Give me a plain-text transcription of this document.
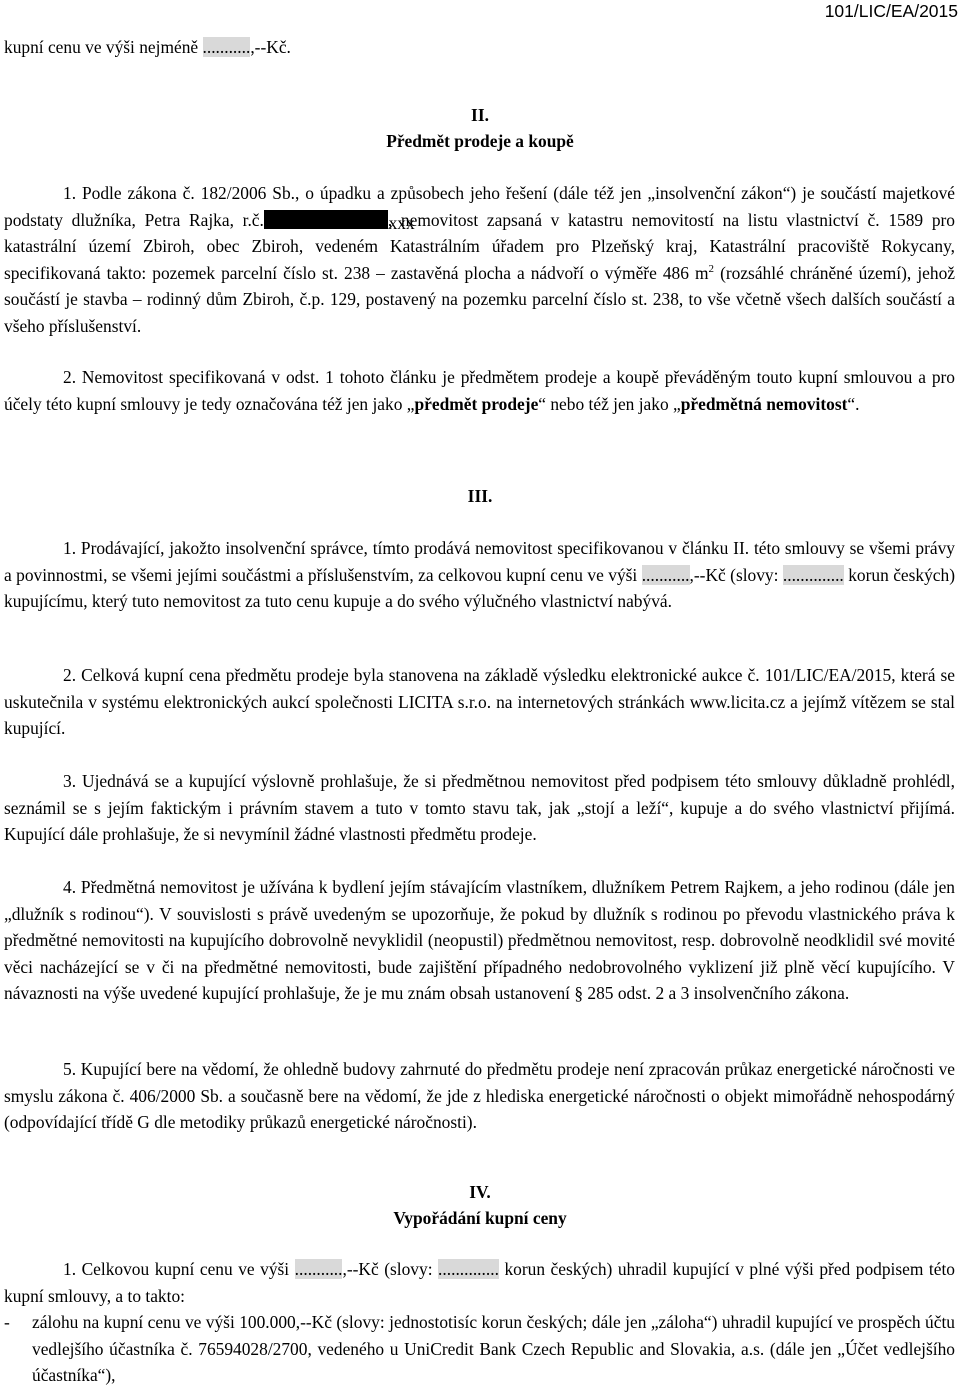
101/LIC/EA/2015

kupní cenu ve výši nejméně ...........,--Kč.

II.

Předmět prodeje a koupě

1. Podle zákona č. 182/2006 Sb., o úpadku a způsobech jeho řešení (dále též jen „insolvenční zákon“) je součástí majetkové podstaty dlužníka, Petra Rajka, r.č.	xxxxxx/xxxx, nemovitost zapsaná v katastru nemovitostí na listu vlastnictví č. 1589 pro katastrální území Zbiroh, obec Zbiroh, vedeném Katastrálním úřadem pro Plzeňský kraj, Katastrální pracoviště Rokycany, specifikovaná takto: pozemek parcelní číslo st. 238 – zastavěná plocha a nádvoří o výměře 486 $m^2$ (rozsáhlé chráněné území), jehož součástí je stavba – rodinný dům Zbiroh, č.p. 129, postavený na pozemku parcelní číslo st. 238, to vše včetně všech dalších součástí a všeho příslušenství.

2. Nemovitost specifikovaná v odst. 1 tohoto článku je předmětem prodeje a koupě převáděným touto kupní smlouvou a pro účely této kupní smlouvy je tedy označována též jen jako „předmět prodeje“ nebo též jen jako „předmětná nemovitost“.

III.

1. Prodávající, jakožto insolvenční správce, tímto prodává nemovitost specifikovanou v článku II. této smlouvy se všemi právy a povinnostmi, se všemi jejími součástmi a příslušenstvím, za celkovou kupní cenu ve výši ...........,--Kč (slovy: .............. korun českých) kupujícímu, který tuto nemovitost za tuto cenu kupuje a do svého výlučného vlastnictví nabývá.

2. Celková kupní cena předmětu prodeje byla stanovena na základě výsledku elektronické aukce č. 101/LIC/EA/2015, která se uskutečnila v systému elektronických aukcí společnosti LICITA s.r.o. na internetových stránkách www.licita.cz a jejímž vítězem se stal kupující.

3. Ujednává se a kupující výslovně prohlašuje, že si předmětnou nemovitost před podpisem této smlouvy důkladně prohlédl, seznámil se s jejím faktickým i právním stavem a tuto v tomto stavu tak, jak „stojí a leží“, kupuje a do svého vlastnictví přijímá. Kupující dále prohlašuje, že si nevymínil žádné vlastnosti předmětu prodeje.

4. Předmětná nemovitost je užívána k bydlení jejím stávajícím vlastníkem, dlužníkem Petrem Rajkem, a jeho rodinou (dále jen „dlužník s rodinou“). V souvislosti s právě uvedeným se upozorňuje, že pokud by dlužník s rodinou po převodu vlastnického práva k předmětné nemovitosti na kupujícího dobrovolně nevyklidil (neopustil) předmětnou nemovitost, resp. dobrovolně neodklidil své movité věci nacházející se v či na předmětné nemovitosti, bude zajištění případného nedobrovolného vyklizení již plně věcí kupujícího. V návaznosti na výše uvedené kupující prohlašuje, že je mu znám obsah ustanovení § 285 odst. 2 a 3 insolvenčního zákona.

5. Kupující bere na vědomí, že ohledně budovy zahrnuté do předmětu prodeje není zpracován průkaz energetické náročnosti ve smyslu zákona č. 406/2000 Sb. a současně bere na vědomí, že jde z hlediska energetické náročnosti o objekt mimořádně nehospodárný (odpovídající třídě G dle metodiky průkazů energetické náročnosti).

IV.

Vypořádání kupní ceny

1. Celkovou kupní cenu ve výši ...........,--Kč (slovy: .............. korun českých) uhradil kupující v plné výši před podpisem této kupní smlouvy, a to takto:

- zálohu na kupní cenu ve výši 100.000,--Kč (slovy: jednostotisíc korun českých; dále jen „záloha“) uhradil kupující ve prospěch účtu vedlejšího účastníka č. 76594028/2700, vedeného u UniCredit Bank Czech Republic and Slovakia, a.s. (dále jen „Účet vedlejšího účastníka“),
